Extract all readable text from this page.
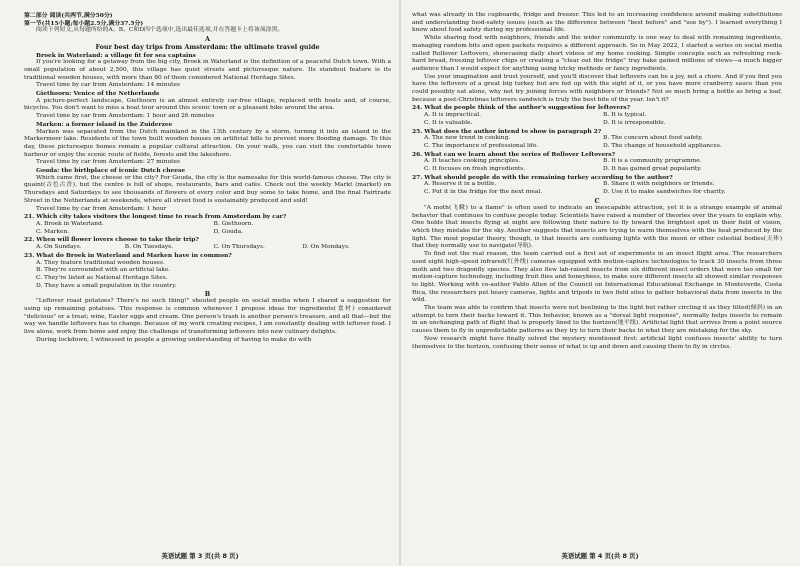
第二部分 阅读(共两节,满分50分)

第一节(共15小题;每小题2.5分,满分37.5分)

阅读下列短文,从每题所给的A、B、C和D四个选项中,选出最佳选项,并在答题卡上将该项涂黑。

A

Four best day trips from Amsterdam: the ultimate travel guide

Broek in Waterland: a village fit for sea captains

If you're looking for a getaway from the big city, Broek in Waterland is the definition of a peaceful Dutch town. With a small population of about 2,500, this village has quiet streets and picturesque nature. Its standout feature is its traditional wooden houses, with more than 80 of them considered National Heritage Sites.

Travel time by car from Amsterdam: 14 minutes

Giethoorn: Venice of the Netherlands

A picture-perfect landscape, Giethoorn is an almost entirely car-free village, replaced with boats and, of course, bicycles. You don't want to miss a boat tour around this scenic town or a pleasant hike around the area.

Travel time by car from Amsterdam: 1 hour and 26 minutes

Marken: a former island in the Zuiderzee

Marken was separated from the Dutch mainland in the 13th century by a storm, turning it into an island in the Markermeer lake. Residents of the town built wooden houses on artificial hills to prevent more flooding damage. To this day, these picturesque homes remain a popular cultural attraction. On your walk, you can visit the comfortable town harbour or enjoy the scenic route of fields, forests and the lakeshore.

Travel time by car from Amsterdam: 27 minutes

Gouda: the birthplace of iconic Dutch cheese

Which came first, the cheese or the city? For Gouda, the city is the namesake for this world-famous cheese. The city is quaint(古色古香), but the centre is full of shops, restaurants, bars and cafés. Check out the weekly Markt (market) on Thursdays and Saturdays to see thousands of flowers of every color and buy some to take home, and the final Fairtrade Street in the Netherlands at weekends, where all street food is sustainably produced and sold!

Travel time by car from Amsterdam: 1 hour

21. Which city takes visitors the longest time to reach from Amsterdam by car?

A. Broek in Waterland.	B. Giethoorn.
C. Marken.	D. Gouda.

22. When will flower lovers choose to take their trip?

A. On Sundays.	B. On Tuesdays.	C. On Thursdays.	D. On Mondays.

23. What do Broek in Waterland and Marken have in common?

A. They feature traditional wooden houses.
B. They're surrounded with an artificial lake.
C. They're listed as National Heritage Sites.
D. They have a small population in the country.

B

"Leftover roast potatoes? There's no such thing!" shouted people on social media when I shared a suggestion for using up remaining potatoes. This response is common whenever I propose ideas for ingredients(食材) considered "delicious" or a treat; wine, Easter eggs and cream. One person's trash is another person's treasure, and all that—but the way we handle leftovers has to change. Because of my work creating recipes, I am constantly dealing with leftover food. I live alone, work from home and enjoy the challenge of transforming leftovers into new culinary delights.

During lockdown, I witnessed in people a growing understanding of having to make do with

英语试题 第 3 页(共 8 页)

what was already in the cupboards, fridge and freezer. This led to an increasing confidence around making substitutions and understanding food-safety issues (such as the difference between "best before" and "use by"). I learned everything I know about food safety during my professional life.

While sharing food with neighbors, friends and the wider community is one way to deal with remaining ingredients, managing random bits and open packets requires a different approach. So in May 2022, I started a series on social media called Rollover Leftovers, showcasing daily short videos of my home cooking. Simple concepts such as refreshing rock-hard bread, freezing leftover chips or creating a "clear out the fridge" tray bake gained millions of views—a much bigger audience than I would expect for anything using tricky methods or fancy ingredients.

Use your imagination and trust yourself, and you'll discover that leftovers can be a joy, not a chore. And if you find you have the leftovers of a great big turkey but are fed up with the sight of it, or you have more cranberry sauce than you could possibly eat alone, why not try joining forces with neighbors or friends? Not so much bring a bottle as bring a loaf, because a post-Christmas leftovers sandwich is truly the best bite of the year. Isn't it?

24. What do people think of the author's suggestion for leftovers?

A. It is impractical.	B. It is typical.
C. It is valuable.	D. It is irresponsible.

25. What does the author intend to show in paragraph 2?

A. The new trend in cooking.	B. The concern about food safety.
C. The importance of professional life.	D. The change of household appliances.

26. What can we learn about the series of Rollover Leftovers?

A. It teaches cooking principles.	B. It is a community programme.
C. It focuses on fresh ingredients.	D. It has gained great popularity.

27. What should people do with the remaining turkey according to the author?

A. Reserve it in a bottle.	B. Share it with neighbors or friends.
C. Put it in the fridge for the next meal.	D. Use it to make sandwiches for charity.

C

"A moth(飞蛾) to a flame" is often used to indicate an inescapable attraction, yet it is a strange example of animal behavior that continues to confuse people today. Scientists have raised a number of theories over the years to explain why. One holds that insects flying at night are following their nature to fly toward the brightest spot in their field of vision, which they mistake for the sky. Another suggests that insects are trying to warm themselves with the heat produced by the light. The most popular theory, though, is that insects are confusing lights with the moon or other celestial bodies(天体) that they normally use to navigate(导航).

To find out the real reason, the team carried out a first set of experiments in an insect flight area. The researchers used eight high-speed infrared(红外线) cameras equipped with motion-capture technologies to track 30 insects from three moth and two dragonfly species. They also flew lab-raised insects from six different insect orders that were too small for motion-capture technology, including fruit flies and honeybees, to make sure different insects all showed similar responses to light. Working with co-author Pablo Allen of the Council on International Educational Exchange in Monteverde, Costa Rica, the researchers put heavy cameras, lights and tripods in two field sites to gather behavioral data from insects in the wild.

The team was able to confirm that insects were not beelining to the light but rather circling it as they tilted(倾斜) in an attempt to turn their backs toward it. This behavior, known as a "dorsal light response", normally helps insects to remain in an unchanging path of flight that is properly lined to the horizon(地平线). Artificial light that arrives from a point source causes them to fly in unpredictable patterns as they try to turn their backs to what they are mistaking for the sky.

Now research might have finally solved the mystery mentioned first: artificial light confuses insects' ability to turn themselves to the horizon, confusing their sense of what is up and down and causing them to fly in circles.

英语试题 第 4 页(共 8 页)
